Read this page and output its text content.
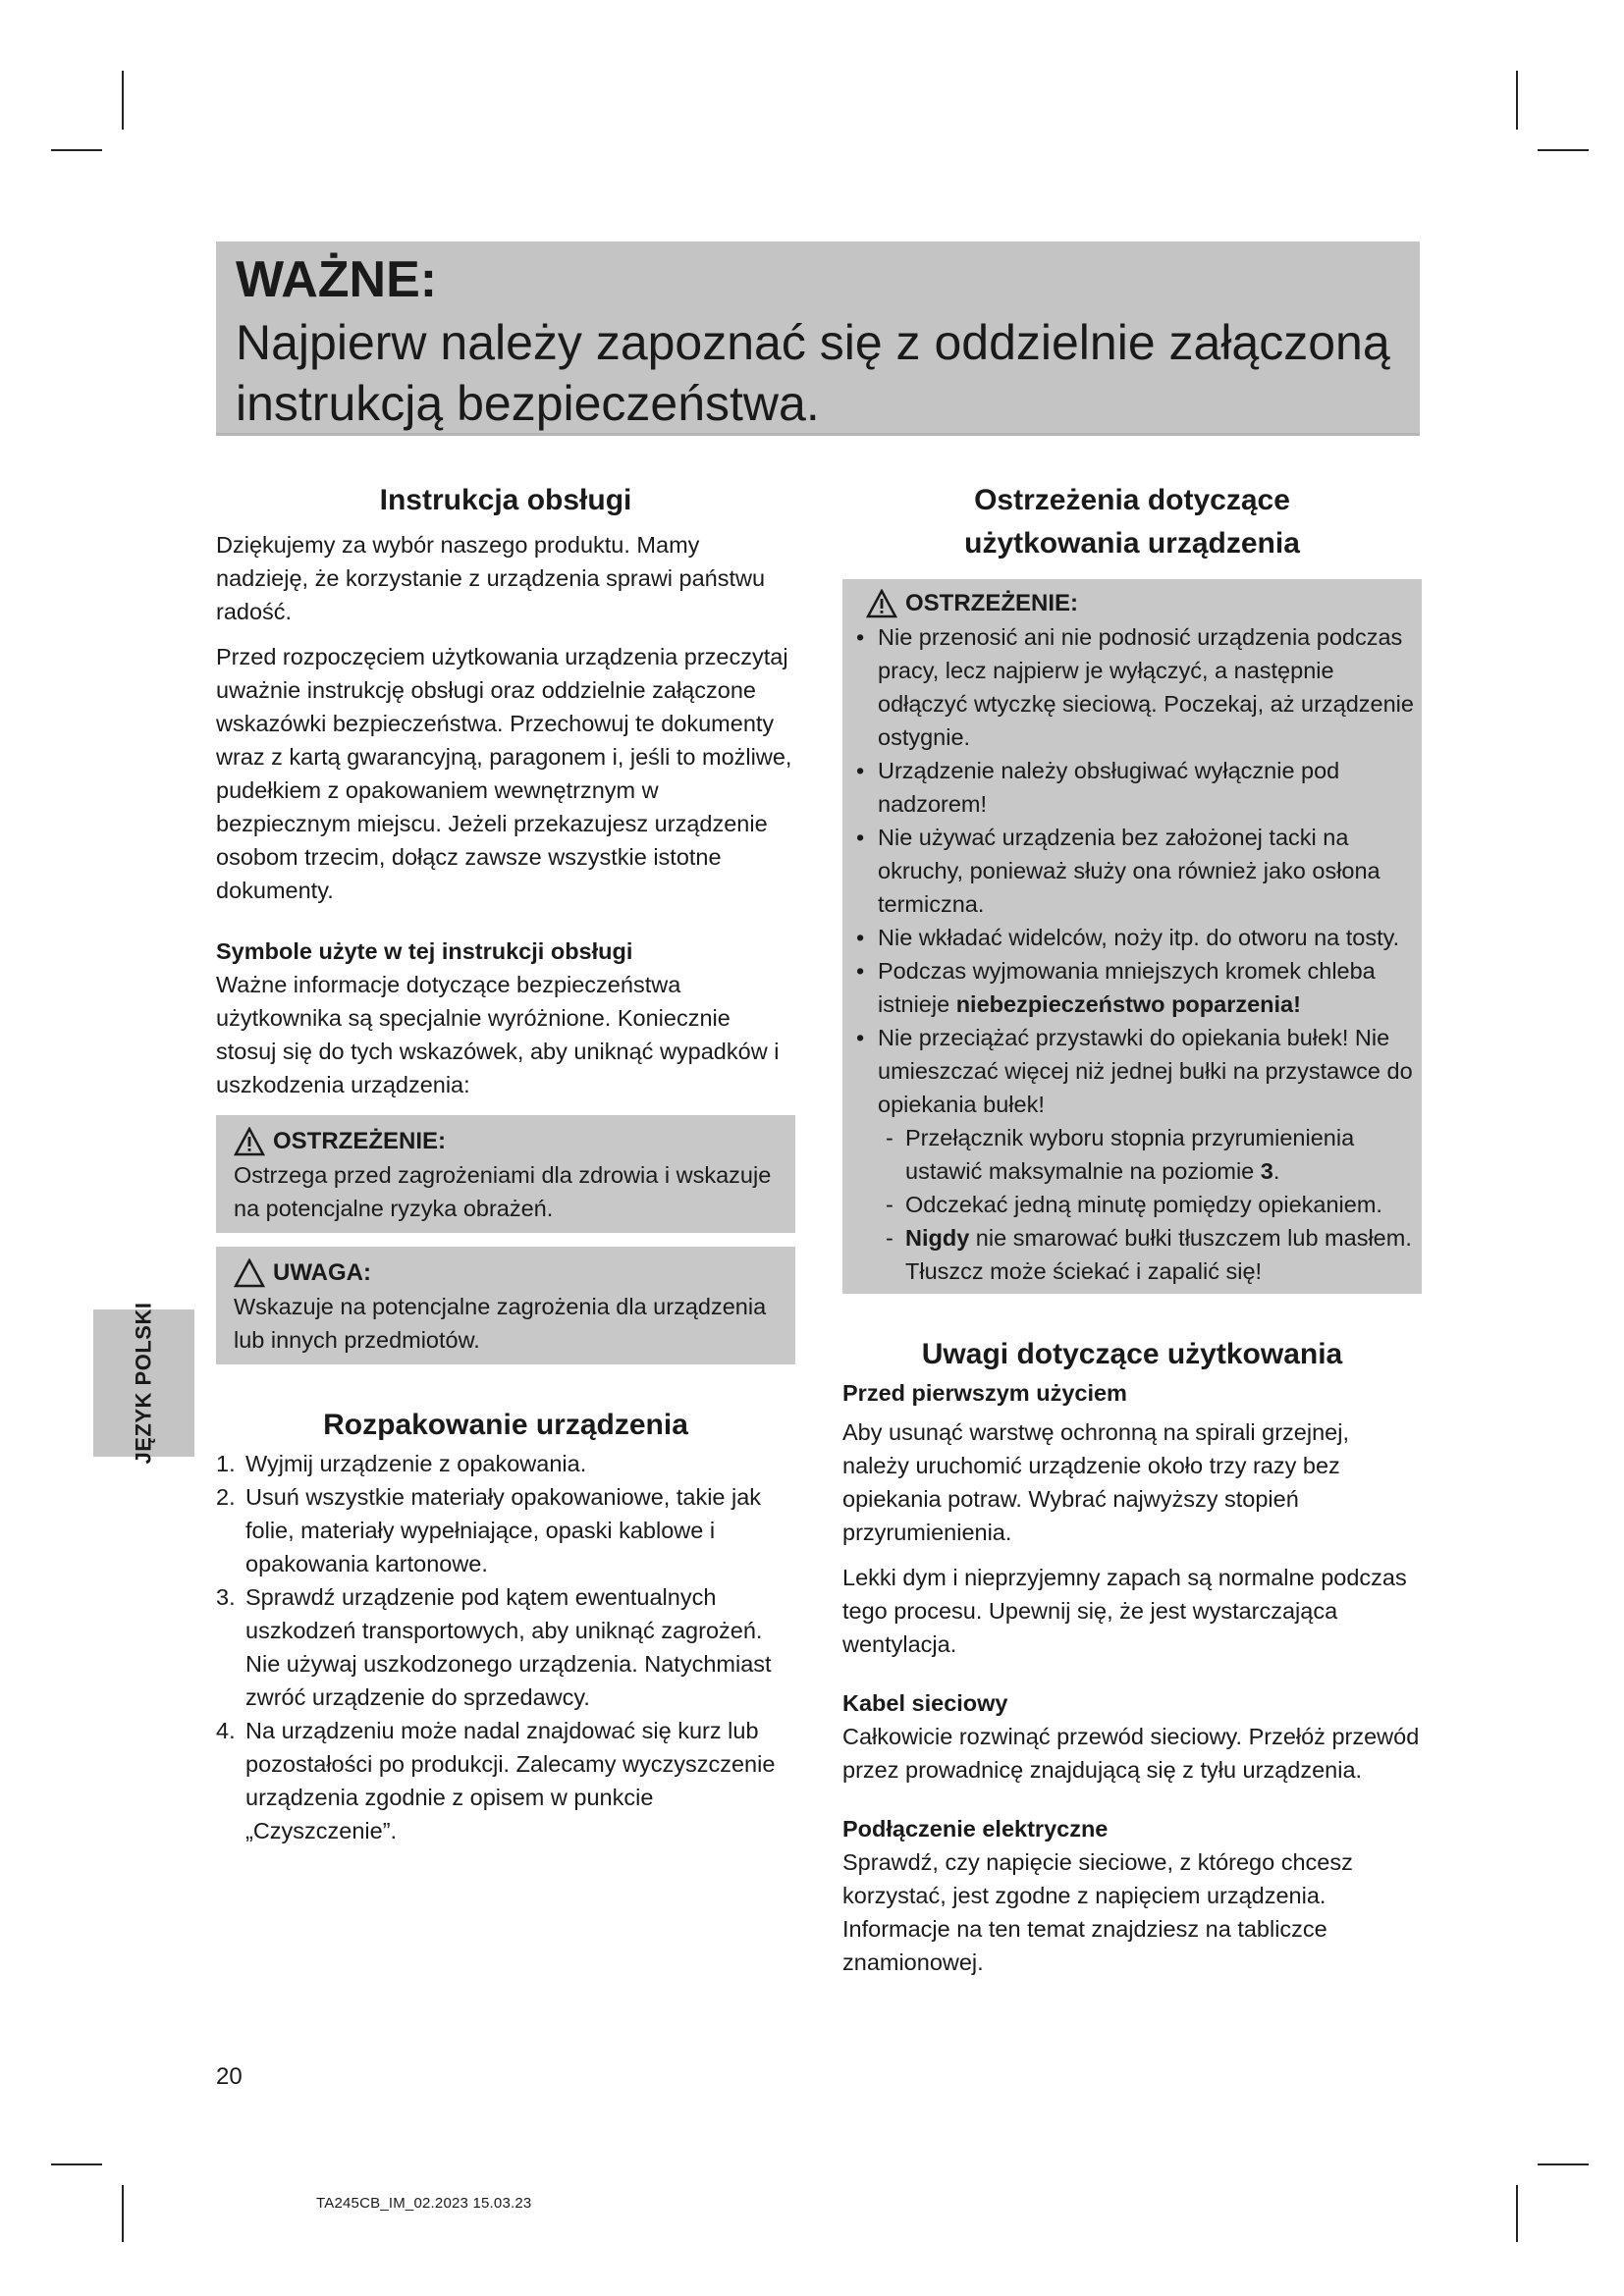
WAŻNE:
Najpierw należy zapoznać się z oddzielnie załączoną instrukcją bezpieczeństwa.
Instrukcja obsługi

Dziękujemy za wybór naszego produktu. Mamy nadzieję, że korzystanie z urządzenia sprawi państwu radość.

Przed rozpoczęciem użytkowania urządzenia przeczytaj uważnie instrukcję obsługi oraz oddzielnie załączone wskazówki bezpieczeństwa. Przechowuj te dokumenty wraz z kartą gwarancyjną, paragonem i, jeśli to możliwe, pudełkiem z opakowaniem wewnętrznym w bezpiecznym miejscu. Jeżeli przekazujesz urządzenie osobom trzecim, dołącz zawsze wszystkie istotne dokumenty.

Symbole użyte w tej instrukcji obsługi

Ważne informacje dotyczące bezpieczeństwa użytkownika są specjalnie wyróżnione. Koniecznie stosuj się do tych wskazówek, aby uniknąć wypadków i uszkodzenia urządzenia:

OSTRZEŻENIE:

Ostrzega przed zagrożeniami dla zdrowia i wskazuje na potencjalne ryzyka obrażeń.

UWAGA:

Wskazuje na potencjalne zagrożenia dla urządzenia lub innych przedmiotów.

Rozpakowanie urządzenia
1. Wyjmij urządzenie z opakowania.
2. Usuń wszystkie materiały opakowaniowe, takie jak folie, materiały wypełniające, opaski kablowe i opakowania kartonowe.
3. Sprawdź urządzenie pod kątem ewentualnych uszkodzeń transportowych, aby uniknąć zagrożeń. Nie używaj uszkodzonego urządzenia. Natychmiast zwróć urządzenie do sprzedawcy.
4. Na urządzeniu może nadal znajdować się kurz lub pozostałości po produkcji. Zalecamy wyczyszczenie urządzenia zgodnie z opisem w punkcie „Czyszczenie”.
Ostrzeżenia dotyczące
użytkowania urządzenia
OSTRZEŻENIE:
• Nie przenosić ani nie podnosić urządzenia podczas pracy, lecz najpierw je wyłączyć, a następnie odłączyć wtyczkę sieciową. Poczekaj, aż urządzenie ostygnie.
• Urządzenie należy obsługiwać wyłącznie pod nadzorem!
• Nie używać urządzenia bez założonej tacki na okruchy, ponieważ służy ona również jako osłona termiczna.
• Nie wkładać widelców, noży itp. do otworu na tosty.
• Podczas wyjmowania mniejszych kromek chleba istnieje niebezpieczeństwo poparzenia!
• Nie przeciążać przystawki do opiekania bułek! Nie umieszczać więcej niż jednej bułki na przystawce do opiekania bułek!
- Przełącznik wyboru stopnia przyrumienienia ustawić maksymalnie na poziomie 3.
- Odczekać jedną minutę pomiędzy opiekaniem.
- Nigdy nie smarować bułki tłuszczem lub masłem. Tłuszcz może ściekać i zapalić się!
Uwagi dotyczące użytkowania

Przed pierwszym użyciem

Aby usunąć warstwę ochronną na spirali grzejnej, należy uruchomić urządzenie około trzy razy bez opiekania potraw. Wybrać najwyższy stopień przyrumienienia.

Lekki dym i nieprzyjemny zapach są normalne podczas tego procesu. Upewnij się, że jest wystarczająca wentylacja.

Kabel sieciowy

Całkowicie rozwinąć przewód sieciowy. Przełóż przewód przez prowadnicę znajdującą się z tyłu urządzenia.

Podłączenie elektryczne

Sprawdź, czy napięcie sieciowe, z którego chcesz korzystać, jest zgodne z napięciem urządzenia. Informacje na ten temat znajdziesz na tabliczce znamionowej.

JĘZYK POLSKI
20
TA245CB_IM_02.2023 15.03.23
